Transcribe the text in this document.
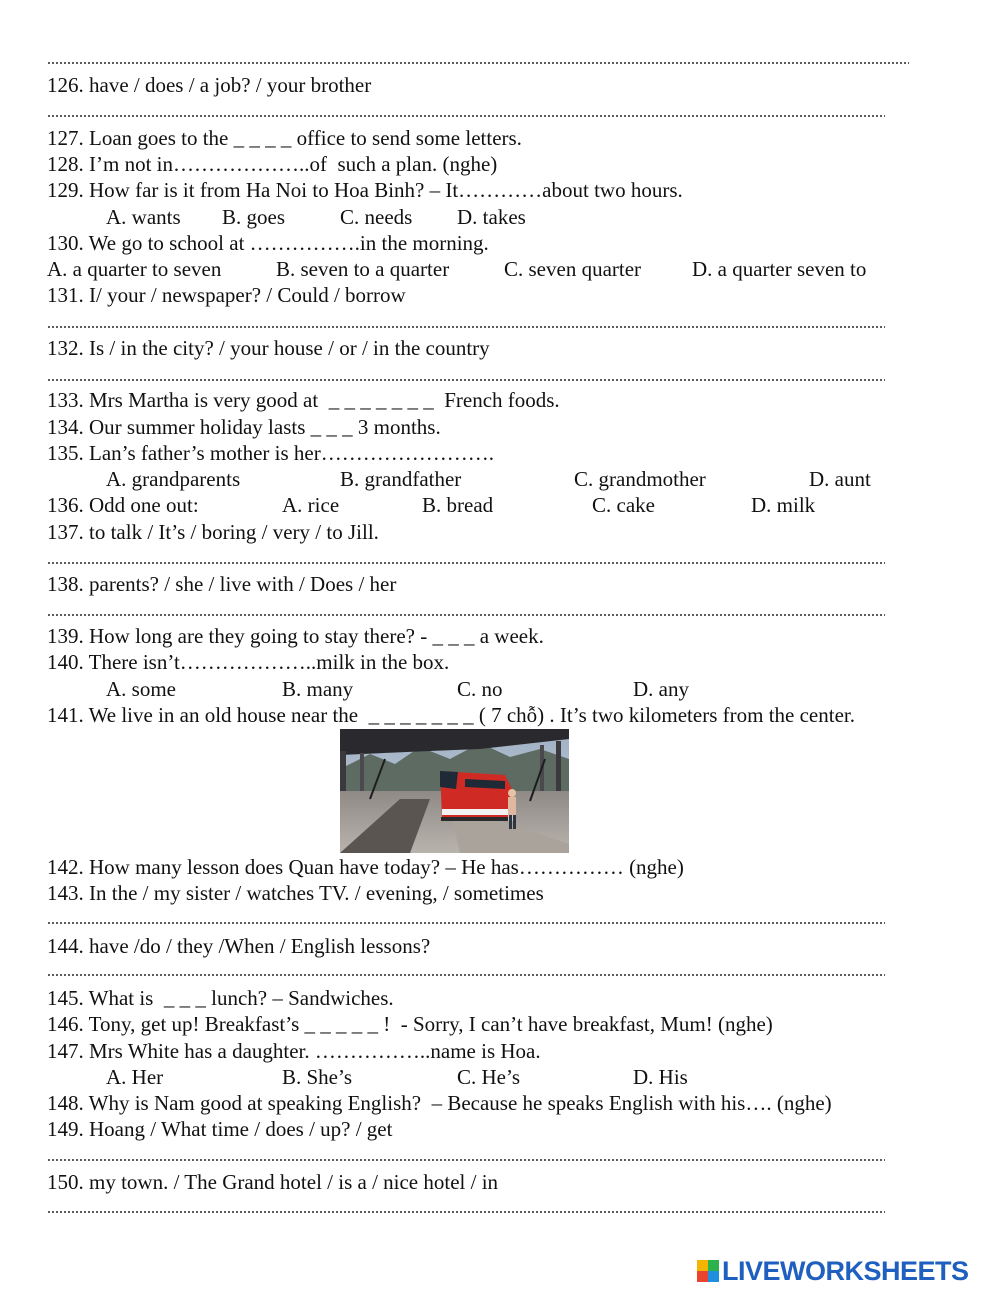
126. have / does / a job? / your brother
127. Loan goes to the _ _ _ _ office to send some letters.
128. I’m not in………………..of  such a plan. (nghe)
129. How far is it from Ha Noi to Hoa Binh? – It…………about two hours.
A. wants B. goes	C. needs D. takes
130. We go to school at …………….in the morning.
A. a quarter to seven	B. seven to a quarter	C. seven quarter D. a quarter seven to
131. I/ your / newspaper? / Could / borrow
132. Is / in the city? / your house / or / in the country
133. Mrs Martha is very good at  _ _ _ _ _ _ _  French foods.
134. Our summer holiday lasts _ _ _ 3 months.
135. Lan’s father’s mother is her…………………….
A. grandparents	B. grandfather	C. grandmother	D. aunt
136. Odd one out:	A. rice	B. bread	C. cake	D. milk
137. to talk / It’s / boring / very / to Jill.
138. parents? / she / live with / Does / her
139. How long are they going to stay there? - _ _ _ a week.
140. There isn’t………………..milk in the box.
A. some	B. many	C. no	D. any
141. We live in an old house near the  _ _ _ _ _ _ _ ( 7 chỗ) . It’s two kilometers from the center.
142. How many lesson does Quan have today? – He has…………… (nghe)
143. In the / my sister / watches TV. / evening, / sometimes
144. have /do / they /When / English lessons?
145. What is  _ _ _ lunch? – Sandwiches.
146. Tony, get up! Breakfast’s _ _ _ _ _ !  - Sorry, I can’t have breakfast, Mum! (nghe)
147. Mrs White has a daughter. ……………..name is Hoa.
A. Her	B. She’s	C. He’s	D. His
148. Why is Nam good at speaking English?  – Because he speaks English with his…. (nghe)
149. Hoang / What time / does / up? / get
150. my town. / The Grand hotel / is a / nice hotel / in
LIVEWORKSHEETS
